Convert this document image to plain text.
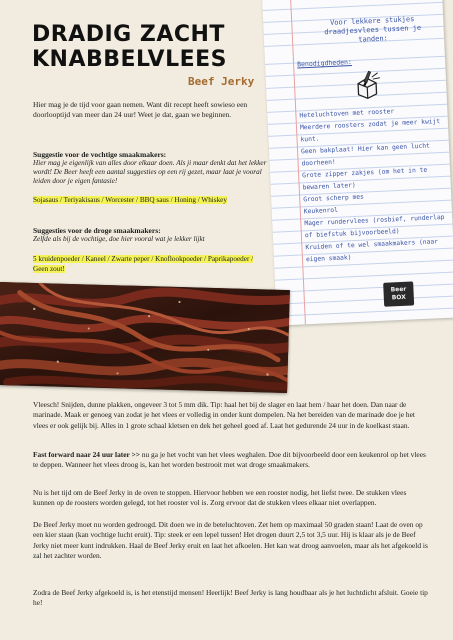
DRADIG ZACHT
KNABBELVLEES

Beef Jerky

Hier mag je de tijd voor gaan nemen. Want dit recept heeft sowieso een doorlooptijd van meer dan 24 uur! Weet je dat, gaan we beginnen.

Suggestie voor de vochtige smaakmakers:

Hier mag je eigenlijk van alles door elkaar doen. Als ji maar denkt dat het lekker wordt! De Beer heeft een aantal suggesties op een rij gezet, maar laat je vooral leiden door je eigen fantasie!

Sojasaus / Teriyakisaus / Worcester / BBQ saus / Honing / Whiskey

Suggesties voor de droge smaakmakers:

Zelfde als bij de vochtige, doe hier vooral wat je lekker lijkt

5 kruidenpoeder / Kaneel / Zwarte peper / Knoflookpoeder / Paprikapoeder / Geen zout!

Voor lekkere stukjes draadjesvlees tussen je tanden:

Benodigdheden:

Heteluchtoven met rooster
Meerdere roosters zodat je meer kwijt kunt.
Geen bakplaat! Hier kan geen lucht doorheen!
Grote zipper zakjes (om het in te bewaren later)
Groot scherp mes
Keukenrol
Mager rundervlees (rosbief, runderlap of biefstuk bijvoorbeeld)
Kruiden of te wel smaakmakers (naar eigen smaak)
Beer
BOX

Vleesch! Snijden, dunne plakken, ongeveer 3 tot 5 mm dik. Tip: haal het bij de slager en laat hem / haar het doen. Dan naar de marinade. Maak er genoeg van zodat je het vlees er volledig in onder kunt dompelen. Na het bereiden van de marinade doe je het vlees er ook gelijk bij. Alles in 1 grote schaal kletsen en dek het geheel goed af. Laat het gedurende 24 uur in de koelkast staan.

Fast forward naar 24 uur later >> nu ga je het vocht van het vlees weghalen. Doe dit bijvoorbeeld door een keukenrol op het vlees te deppen. Wanneer het vlees droog is, kan het worden bestrooit met wat droge smaakmakers.

Nu is het tijd om de Beef Jerky in de oven te stoppen. Hiervoor hebben we een rooster nodig, het liefst twee. De stukken vlees kunnen op de roosters worden gelegd, tot het rooster vol is. Zorg ervoor dat de stukken vlees elkaar niet overlappen.

De Beef Jerky moet nu worden gedroogd. Dit doen we in de beteluchtoven. Zet hem op maximaal 50 graden staan! Laat de oven op een kier staan (kan vochtige lucht eruit). Tip: steek er een lepel tussen! Het drogen duurt 2,5 tot 3,5 uur. Hij is klaar als je de Beef Jerky niet meer kunt indrukken. Haal de Beef Jerky eruit en laat het afkoelen. Het kan wat droog aanvoelen, maar als het afgekoeld is zal het zachter worden.

Zodra de Beef Jerky afgekoeld is, is het etenstijd mensen! Heerlijk! Beef Jerky is lang houdbaar als je het luchtdicht afsluit. Goeie tip he!
